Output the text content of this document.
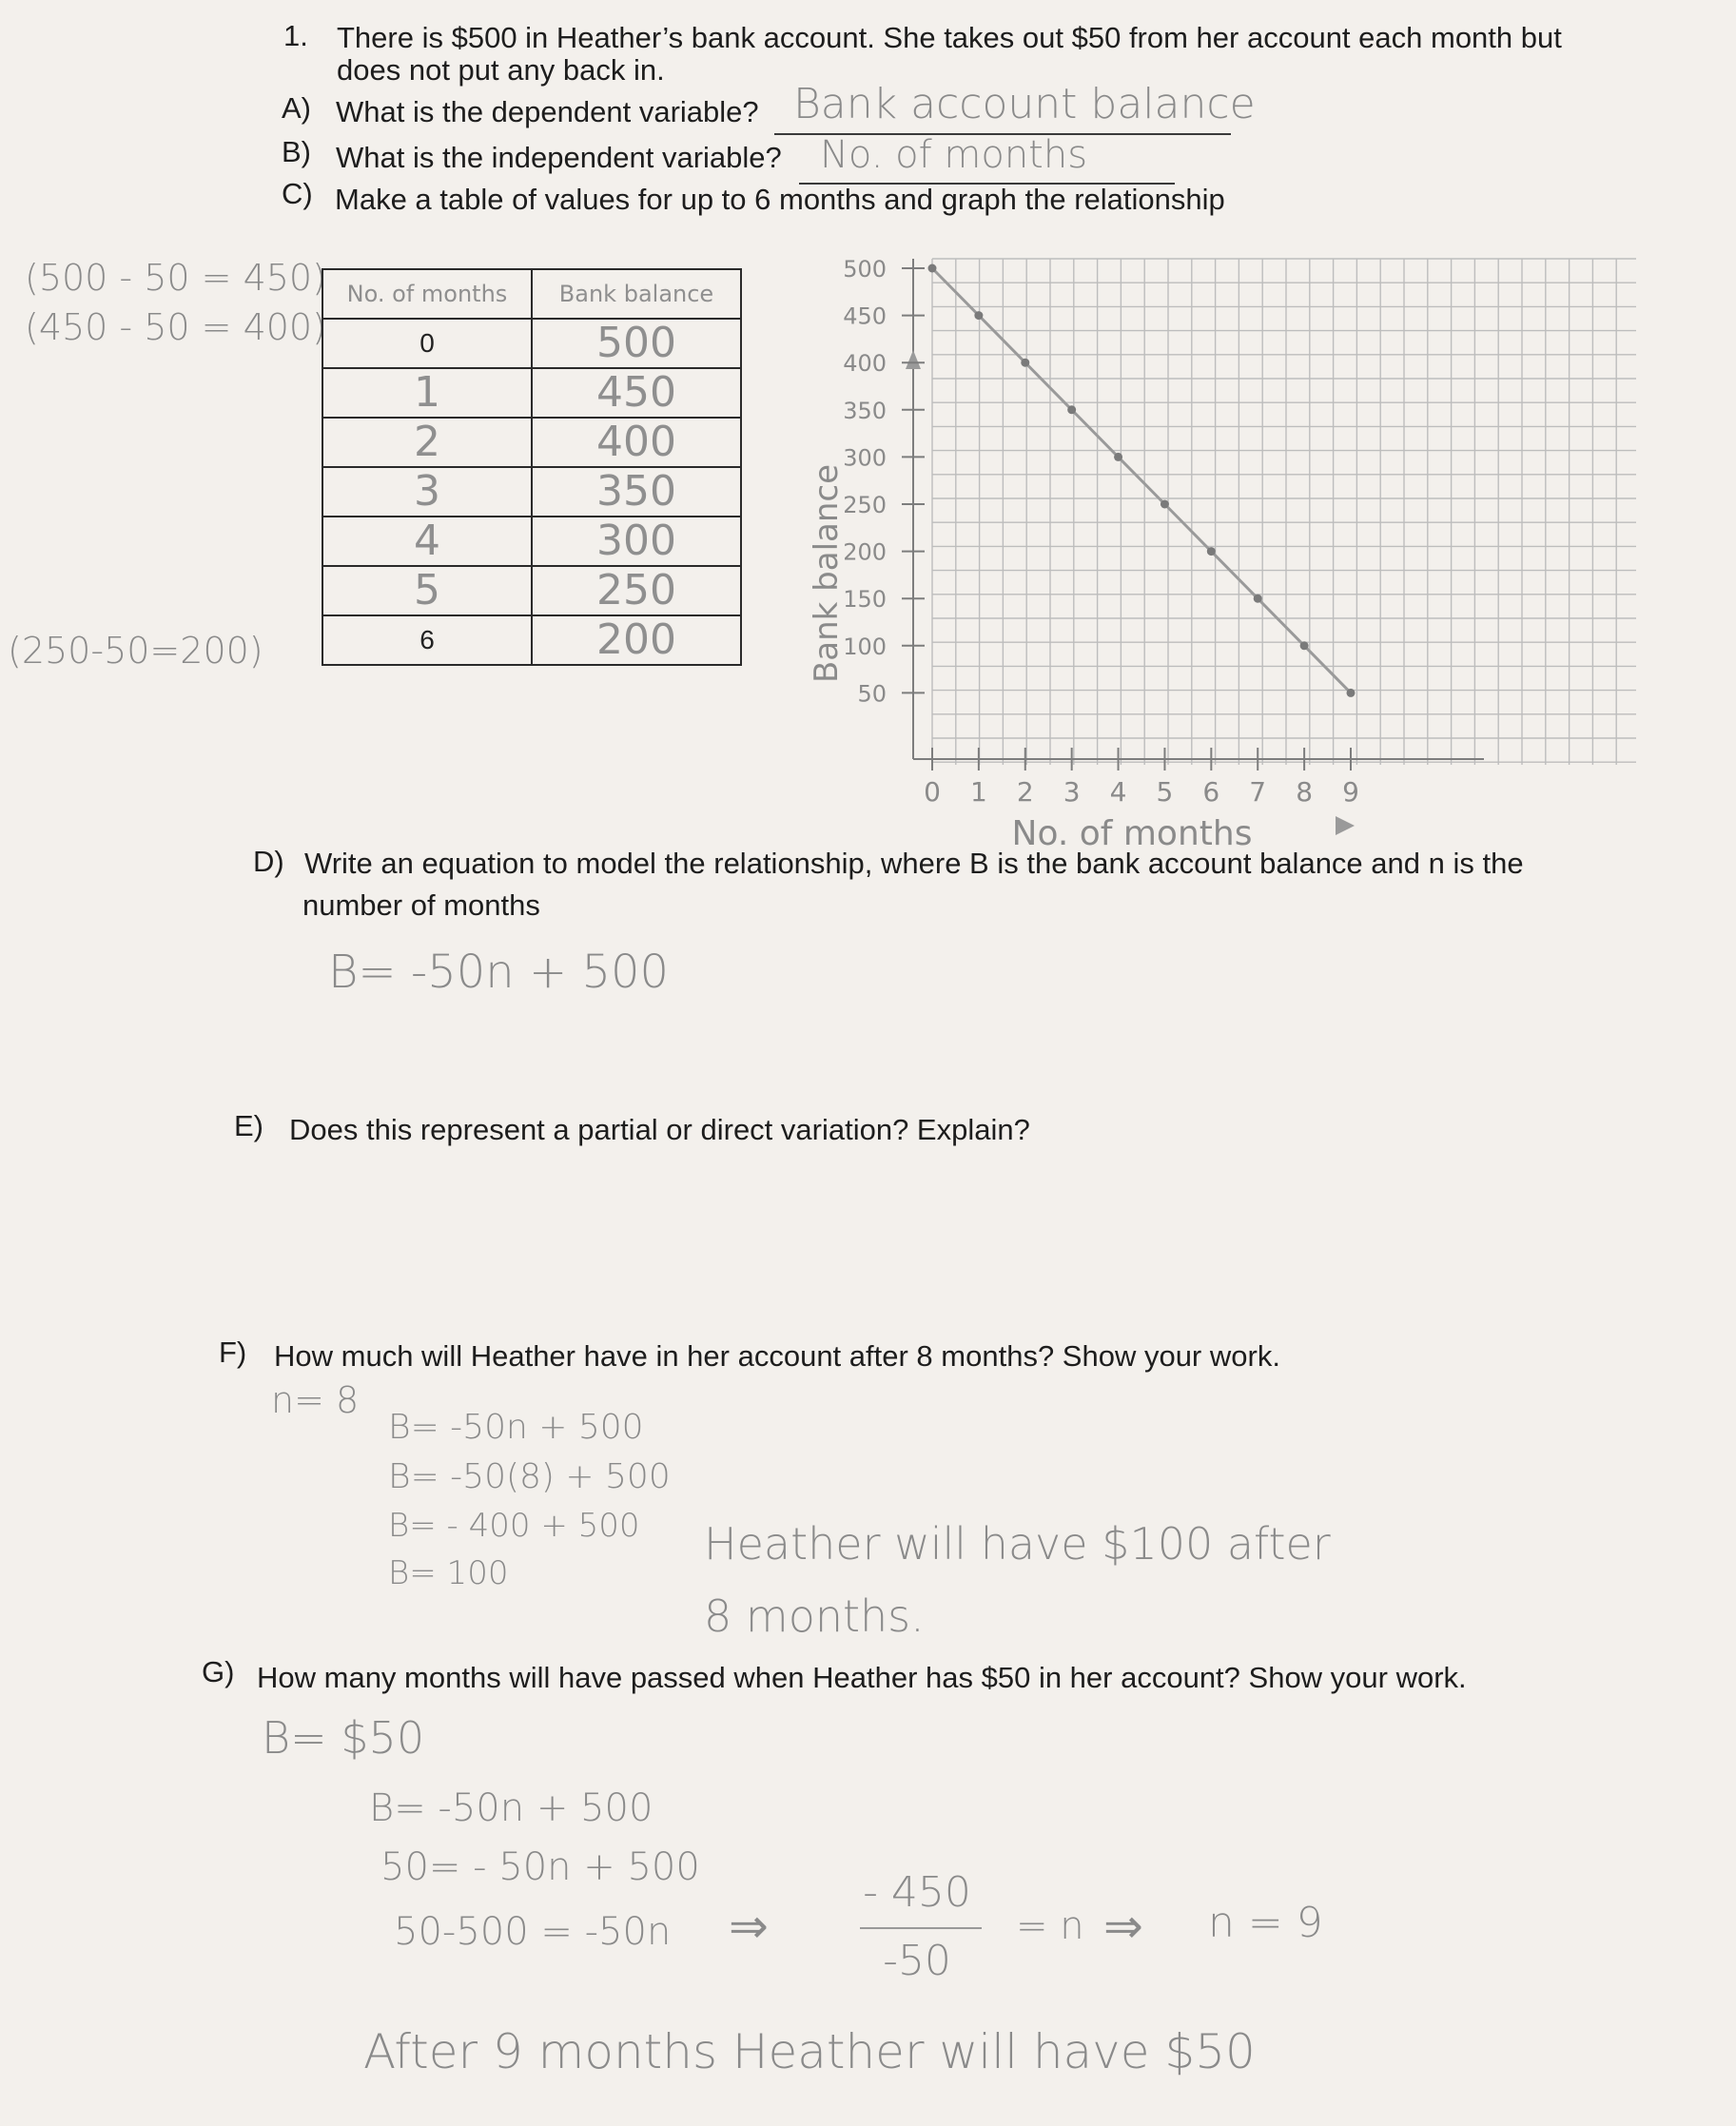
1. There is $500 in Heather’s bank account. She takes out $50 from her account each month but
does not put any back in.
A) What is the dependent variable? Bank account balance
B) What is the independent variable? No. of months
C) Make a table of values for up to 6 months and graph the relationship
(500 - 50 = 450)
(450 - 50 = 400)
(250-50=200)
No. of months	Bank balance
0	500
1	450
2	400
3	350
4	300
5	250
6	200
50
100
150
200
250
300
350
400
450
500
0 1 2 3 4 5 6 7 8 9
Bank balance
No. of months
D) Write an equation to model the relationship, where B is the bank account balance and n is the
number of months
B= -50n + 500
E) Does this represent a partial or direct variation? Explain?
F) How much will Heather have in her account after 8 months? Show your work.
n= 8
B= -50n + 500
B= -50(8) + 500
B= - 400 + 500
B= 100
Heather will have $100 after
8 months.
G) How many months will have passed when Heather has $50 in her account? Show your work.
B= $50
B= -50n + 500
50= - 50n + 500
50-500 = -50n ⇒
- 450
-50
= n ⇒ n = 9
After 9 months Heather will have $50
